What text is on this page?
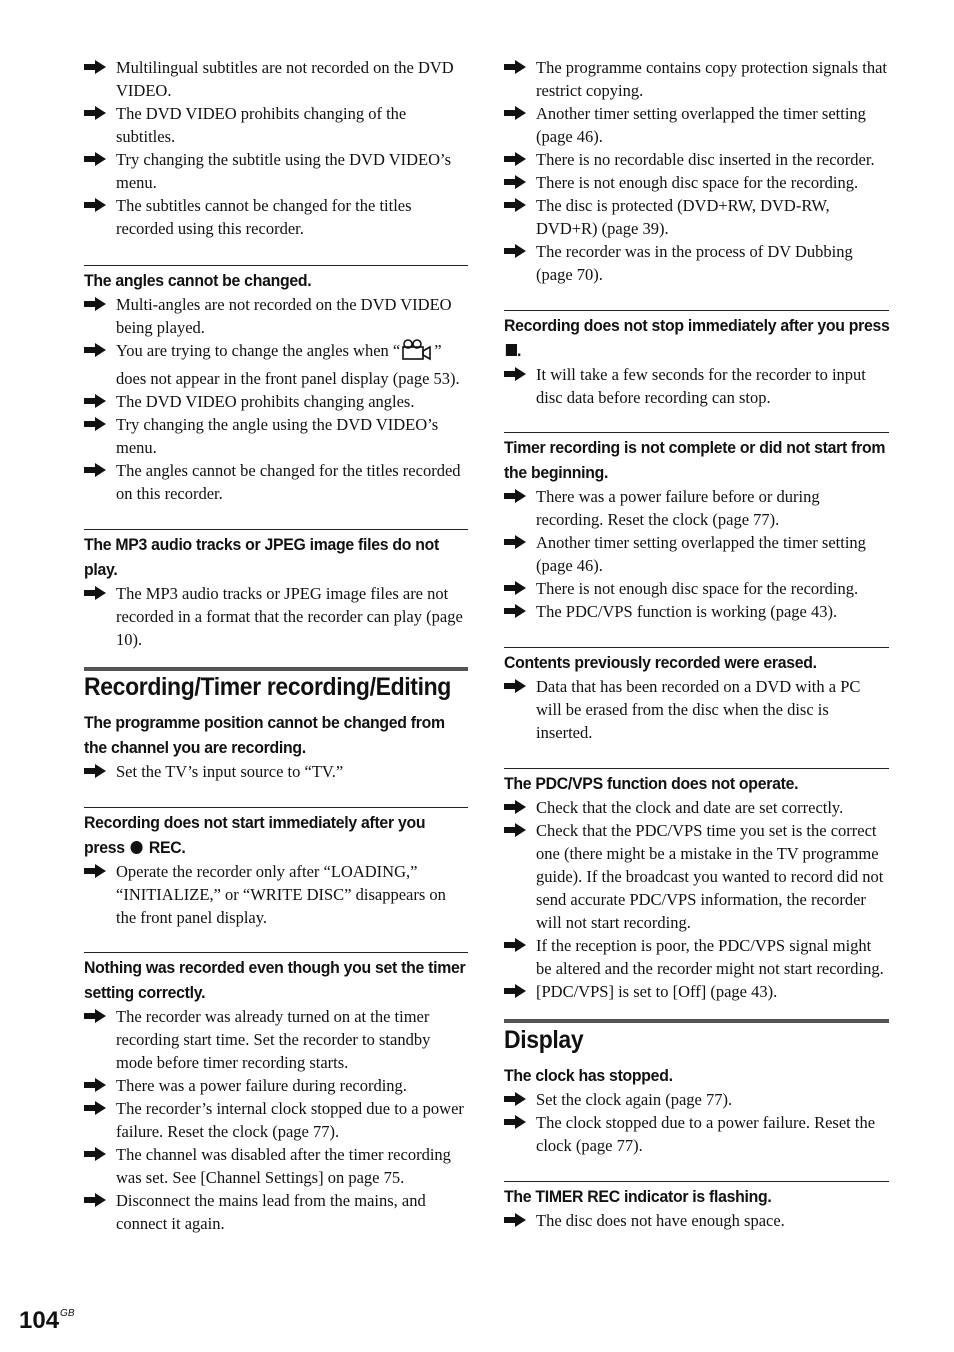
Multilingual subtitles are not recorded on the DVD VIDEO.
The DVD VIDEO prohibits changing of the subtitles.
Try changing the subtitle using the DVD VIDEO’s menu.
The subtitles cannot be changed for the titles recorded using this recorder.
The angles cannot be changed.
Multi-angles are not recorded on the DVD VIDEO being played.
You are trying to change the angles when “ ” does not appear in the front panel display (page 53).
The DVD VIDEO prohibits changing angles.
Try changing the angle using the DVD VIDEO’s menu.
The angles cannot be changed for the titles recorded on this recorder.
The MP3 audio tracks or JPEG image files do not play.
The MP3 audio tracks or JPEG image files are not recorded in a format that the recorder can play (page 10).
Recording/Timer recording/Editing
The programme position cannot be changed from the channel you are recording.
Set the TV’s input source to “TV.”
Recording does not start immediately after you press  REC.
Operate the recorder only after “LOADING,” “INITIALIZE,” or “WRITE DISC” disappears on the front panel display.
Nothing was recorded even though you set the timer setting correctly.
The recorder was already turned on at the timer recording start time. Set the recorder to standby mode before timer recording starts.
There was a power failure during recording.
The recorder’s internal clock stopped due to a power failure. Reset the clock (page 77).
The channel was disabled after the timer recording was set. See [Channel Settings] on page 75.
Disconnect the mains lead from the mains, and connect it again.
The programme contains copy protection signals that restrict copying.
Another timer setting overlapped the timer setting (page 46).
There is no recordable disc inserted in the recorder.
There is not enough disc space for the recording.
The disc is protected (DVD+RW, DVD-RW, DVD+R) (page 39).
The recorder was in the process of DV Dubbing (page 70).
Recording does not stop immediately after you press .
It will take a few seconds for the recorder to input disc data before recording can stop.
Timer recording is not complete or did not start from the beginning.
There was a power failure before or during recording. Reset the clock (page 77).
Another timer setting overlapped the timer setting (page 46).
There is not enough disc space for the recording.
The PDC/VPS function is working (page 43).
Contents previously recorded were erased.
Data that has been recorded on a DVD with a PC will be erased from the disc when the disc is inserted.
The PDC/VPS function does not operate.
Check that the clock and date are set correctly.
Check that the PDC/VPS time you set is the correct one (there might be a mistake in the TV programme guide). If the broadcast you wanted to record did not send accurate PDC/VPS information, the recorder will not start recording.
If the reception is poor, the PDC/VPS signal might be altered and the recorder might not start recording.
[PDC/VPS] is set to [Off] (page 43).
Display
The clock has stopped.
Set the clock again (page 77).
The clock stopped due to a power failure. Reset the clock (page 77).
The TIMER REC indicator is flashing.
The disc does not have enough space.
$104^{GB}$
